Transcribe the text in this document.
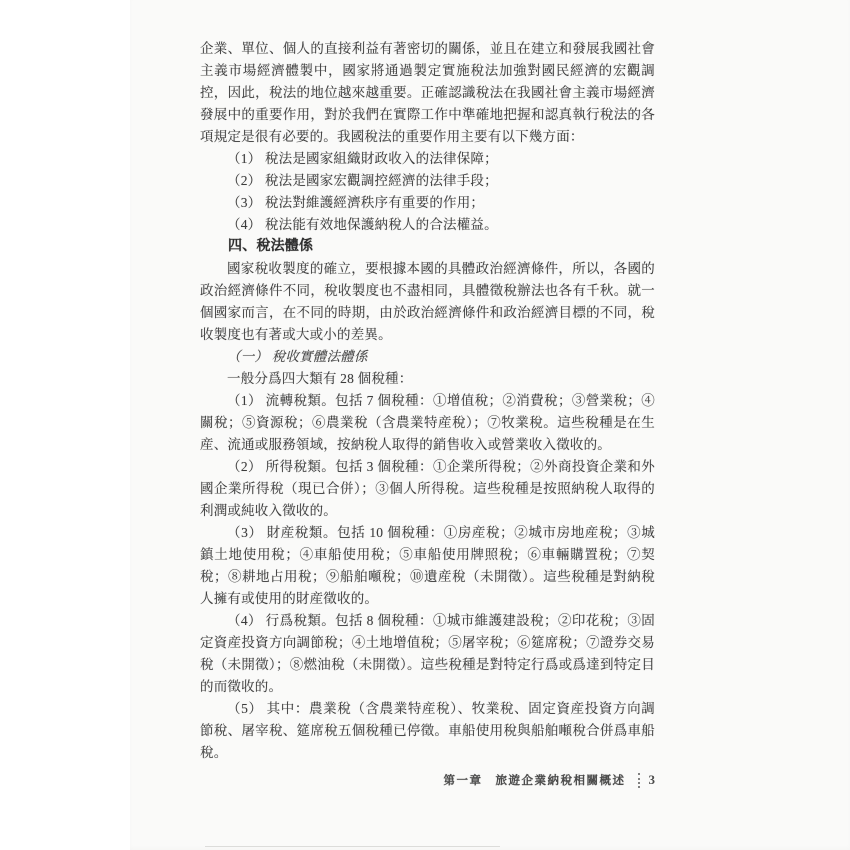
企業、單位、個人的直接利益有著密切的關係，並且在建立和發展我國社會主義市場經濟體製中，國家將通過製定實施稅法加強對國民經濟的宏觀調控，因此，稅法的地位越來越重要。正確認識稅法在我國社會主義市場經濟發展中的重要作用，對於我們在實際工作中準確地把握和認真執行稅法的各項規定是很有必要的。我國稅法的重要作用主要有以下幾方面：

（1） 稅法是國家組織財政收入的法律保障；

（2） 稅法是國家宏觀調控經濟的法律手段；

（3） 稅法對維護經濟秩序有重要的作用；

（4） 稅法能有效地保護納稅人的合法權益。

四、稅法體係

國家稅收製度的確立，要根據本國的具體政治經濟條件，所以，各國的政治經濟條件不同，稅收製度也不盡相同，具體徵稅辦法也各有千秋。就一個國家而言，在不同的時期，由於政治經濟條件和政治經濟目標的不同，稅收製度也有著或大或小的差異。

（一） 稅收實體法體係

一般分爲四大類有 28 個稅種：

（1） 流轉稅類。包括 7 個稅種：①增值稅；②消費稅；③營業稅；④關稅；⑤資源稅；⑥農業稅（含農業特産稅）；⑦牧業稅。這些稅種是在生産、流通或服務領域，按納稅人取得的銷售收入或營業收入徵收的。

（2） 所得稅類。包括 3 個稅種：①企業所得稅；②外商投資企業和外國企業所得稅（現已合併）；③個人所得稅。這些稅種是按照納稅人取得的利潤或純收入徵收的。

（3） 財産稅類。包括 10 個稅種：①房産稅；②城市房地産稅；③城鎮土地使用稅；④車船使用稅；⑤車船使用牌照稅；⑥車輛購置稅；⑦契稅；⑧耕地占用稅；⑨船舶噸稅；⑩遺産稅（未開徵）。這些稅種是對納稅人擁有或使用的財産徵收的。

（4） 行爲稅類。包括 8 個稅種：①城市維護建設稅；②印花稅；③固定資産投資方向調節稅；④土地增值稅；⑤屠宰稅；⑥筵席稅；⑦證券交易稅（未開徵）；⑧燃油稅（未開徵）。這些稅種是對特定行爲或爲達到特定目的而徵收的。

（5） 其中：農業稅（含農業特産稅）、牧業稅、固定資産投資方向調節稅、屠宰稅、筵席稅五個稅種已停徵。車船使用稅與船舶噸稅合併爲車船稅。

第一章　旅遊企業納稅相關概述 3
